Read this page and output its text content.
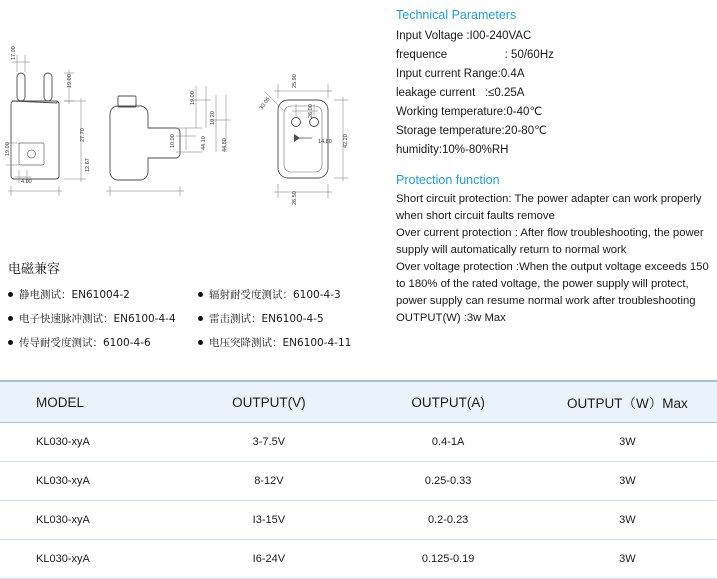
17.00
19.00
19.00
27.70
12.67
4.00
19.00
10.20
10.00	44.10	44.80
25.90
26.00
30.06
14.80 42.20
26.50
电磁兼容
静电测试：EN61004-2	辐射耐受度测试：6100-4-3
电子快速脉冲测试：EN6100-4-4	雷击测试：EN6100-4-5
传导耐受度测试：6100-4-6	电压突降测试：EN6100-4-11
Technical Parameters
Input Voltage :I00-240VAC
frequence                  : 50/60Hz
Input current Range:0.4A
leakage current   :≤0.25A
Working temperature:0-40℃
Storage temperature:20-80℃
humidity:10%-80%RH
Protection function

Short circuit protection: The power adapter can work properly when short circuit faults remove

Over current protection : After flow troubleshooting, the power supply will automatically return to normal work

Over voltage protection :When the output voltage exceeds 150 to 180% of the rated voltage, the power supply will protect, power supply can resume normal work after troubleshooting

OUTPUT(W) :3w Max

MODEL	OUTPUT(V)	OUTPUT(A)	OUTPUT（W）Max
KL030-xyA	3-7.5V	0.4-1A	3W
KL030-xyA	8-12V	0.25-0.33	3W
KL030-xyA	I3-15V	0.2-0.23	3W
KL030-xyA	I6-24V	0.125-0.19	3W
